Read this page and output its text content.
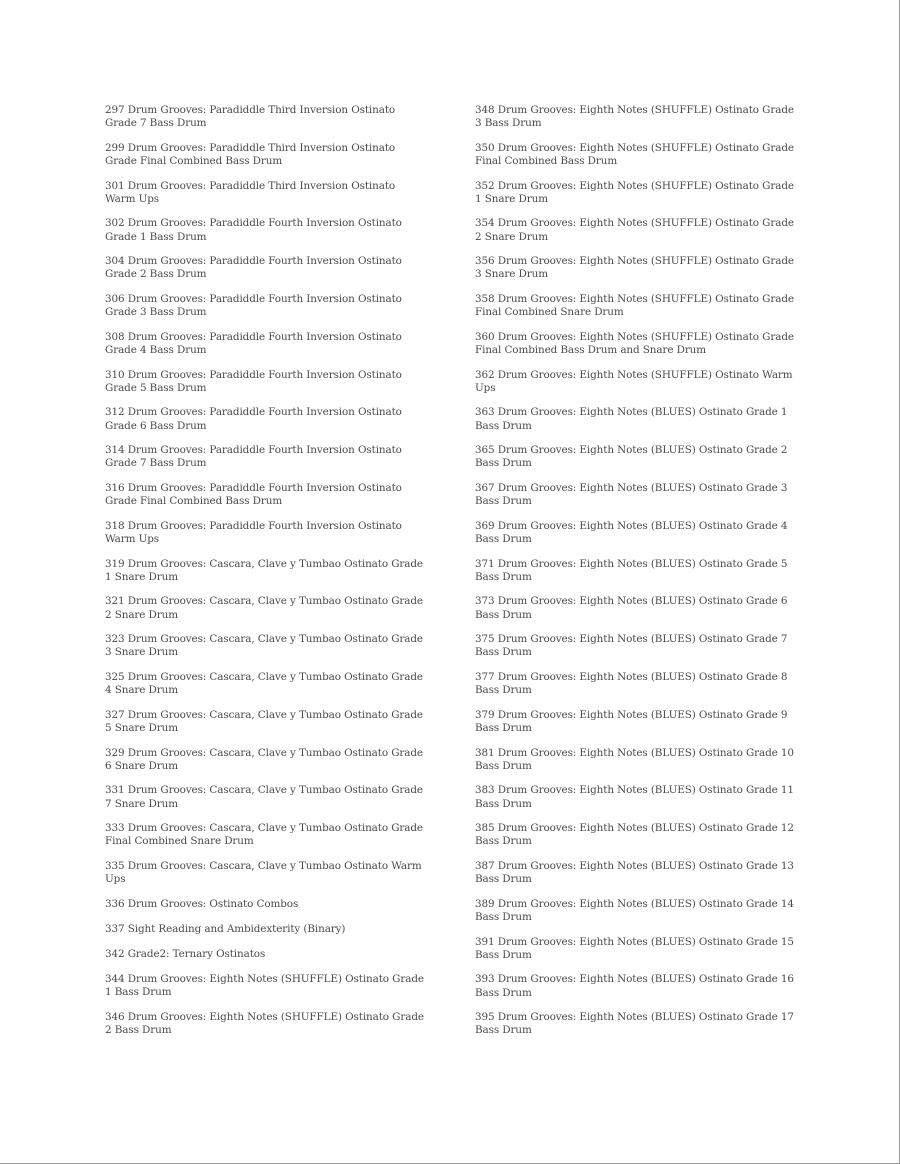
297 Drum Grooves: Paradiddle Third Inversion Ostinato Grade 7 Bass Drum
299 Drum Grooves: Paradiddle Third Inversion Ostinato Grade Final Combined Bass Drum
301 Drum Grooves: Paradiddle Third Inversion Ostinato Warm Ups
302 Drum Grooves: Paradiddle Fourth Inversion Ostinato Grade 1 Bass Drum
304 Drum Grooves: Paradiddle Fourth Inversion Ostinato Grade 2 Bass Drum
306 Drum Grooves: Paradiddle Fourth Inversion Ostinato Grade 3 Bass Drum
308 Drum Grooves: Paradiddle Fourth Inversion Ostinato Grade 4 Bass Drum
310 Drum Grooves: Paradiddle Fourth Inversion Ostinato Grade 5 Bass Drum
312 Drum Grooves: Paradiddle Fourth Inversion Ostinato Grade 6 Bass Drum
314 Drum Grooves: Paradiddle Fourth Inversion Ostinato Grade 7 Bass Drum
316 Drum Grooves: Paradiddle Fourth Inversion Ostinato Grade Final Combined Bass Drum
318 Drum Grooves: Paradiddle Fourth Inversion Ostinato Warm Ups
319 Drum Grooves: Cascara, Clave y Tumbao Ostinato Grade 1 Snare Drum
321 Drum Grooves: Cascara, Clave y Tumbao Ostinato Grade 2 Snare Drum
323 Drum Grooves: Cascara, Clave y Tumbao Ostinato Grade 3 Snare Drum
325 Drum Grooves: Cascara, Clave y Tumbao Ostinato Grade 4 Snare Drum
327 Drum Grooves: Cascara, Clave y Tumbao Ostinato Grade 5 Snare Drum
329 Drum Grooves: Cascara, Clave y Tumbao Ostinato Grade 6 Snare Drum
331 Drum Grooves: Cascara, Clave y Tumbao Ostinato Grade 7 Snare Drum
333 Drum Grooves: Cascara, Clave y Tumbao Ostinato Grade Final Combined Snare Drum
335 Drum Grooves: Cascara, Clave y Tumbao Ostinato Warm Ups
336 Drum Grooves: Ostinato Combos
337 Sight Reading and Ambidexterity (Binary)
342 Grade2: Ternary Ostinatos
344 Drum Grooves: Eighth Notes (SHUFFLE) Ostinato Grade 1 Bass Drum
346 Drum Grooves: Eighth Notes (SHUFFLE) Ostinato Grade 2 Bass Drum
348 Drum Grooves: Eighth Notes (SHUFFLE) Ostinato Grade 3 Bass Drum
350 Drum Grooves: Eighth Notes (SHUFFLE) Ostinato Grade Final Combined Bass Drum
352 Drum Grooves: Eighth Notes (SHUFFLE) Ostinato Grade 1 Snare Drum
354 Drum Grooves: Eighth Notes (SHUFFLE) Ostinato Grade 2 Snare Drum
356 Drum Grooves: Eighth Notes (SHUFFLE) Ostinato Grade 3 Snare Drum
358 Drum Grooves: Eighth Notes (SHUFFLE) Ostinato Grade Final Combined Snare Drum
360 Drum Grooves: Eighth Notes (SHUFFLE) Ostinato Grade Final Combined Bass Drum and Snare Drum
362 Drum Grooves: Eighth Notes (SHUFFLE) Ostinato Warm Ups
363 Drum Grooves: Eighth Notes (BLUES) Ostinato Grade 1 Bass Drum
365 Drum Grooves: Eighth Notes (BLUES) Ostinato Grade 2 Bass Drum
367 Drum Grooves: Eighth Notes (BLUES) Ostinato Grade 3 Bass Drum
369 Drum Grooves: Eighth Notes (BLUES) Ostinato Grade 4 Bass Drum
371 Drum Grooves: Eighth Notes (BLUES) Ostinato Grade 5 Bass Drum
373 Drum Grooves: Eighth Notes (BLUES) Ostinato Grade 6 Bass Drum
375 Drum Grooves: Eighth Notes (BLUES) Ostinato Grade 7 Bass Drum
377 Drum Grooves: Eighth Notes (BLUES) Ostinato Grade 8 Bass Drum
379 Drum Grooves: Eighth Notes (BLUES) Ostinato Grade 9 Bass Drum
381 Drum Grooves: Eighth Notes (BLUES) Ostinato Grade 10 Bass Drum
383 Drum Grooves: Eighth Notes (BLUES) Ostinato Grade 11 Bass Drum
385 Drum Grooves: Eighth Notes (BLUES) Ostinato Grade 12 Bass Drum
387 Drum Grooves: Eighth Notes (BLUES) Ostinato Grade 13 Bass Drum
389 Drum Grooves: Eighth Notes (BLUES) Ostinato Grade 14 Bass Drum
391 Drum Grooves: Eighth Notes (BLUES) Ostinato Grade 15 Bass Drum
393 Drum Grooves: Eighth Notes (BLUES) Ostinato Grade 16 Bass Drum
395 Drum Grooves: Eighth Notes (BLUES) Ostinato Grade 17 Bass Drum
